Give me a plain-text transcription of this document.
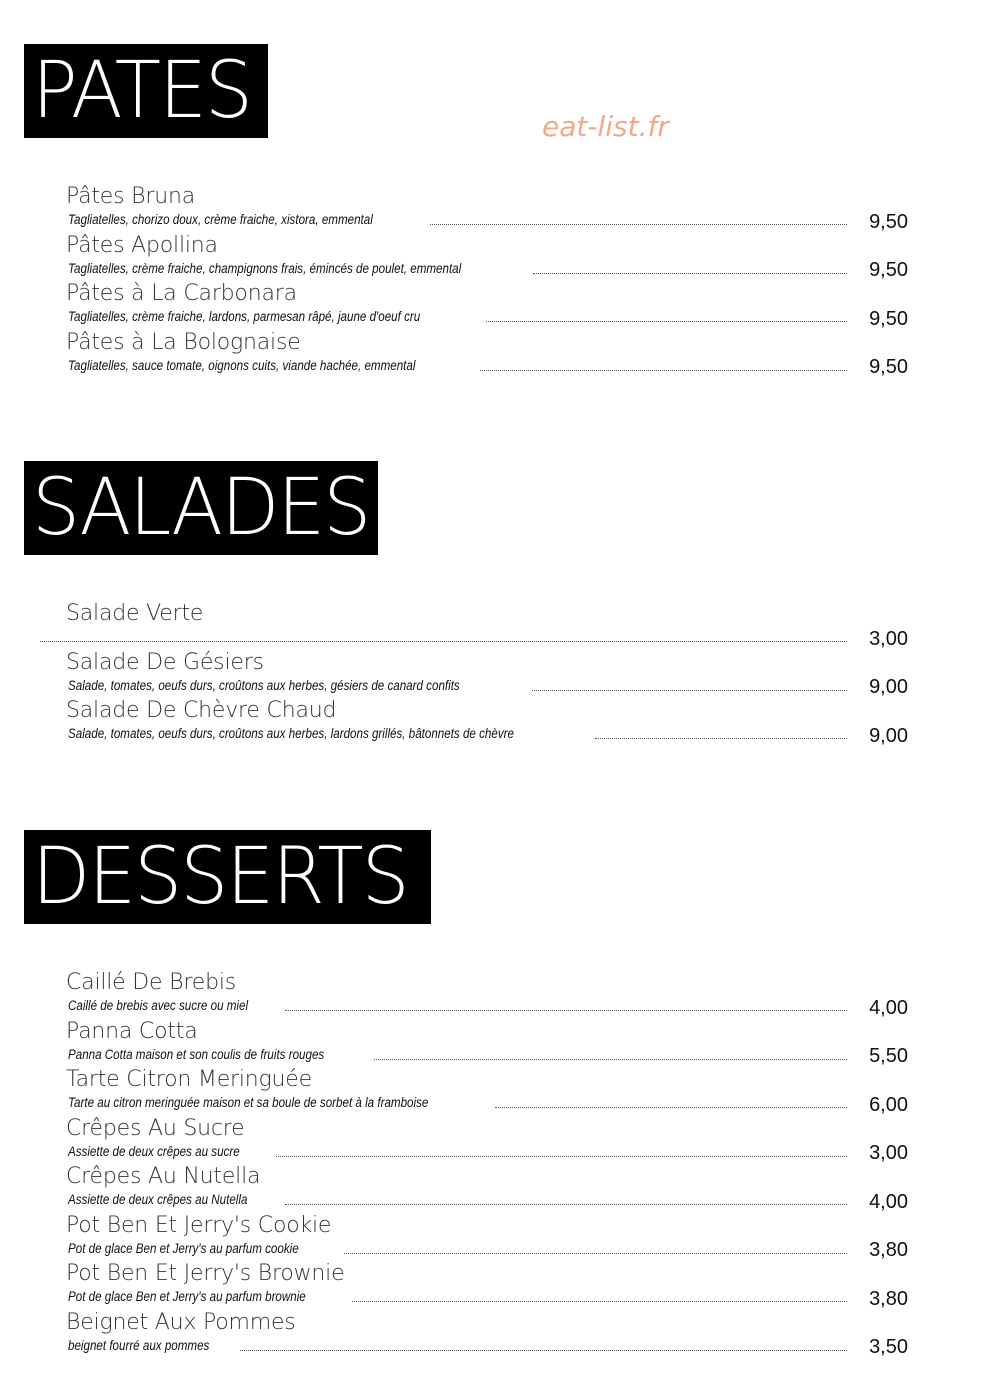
PATES	eat-list.fr
Pâtes Bruna
Tagliatelles, chorizo doux, crème fraiche, xistora, emmental	9,50
Pâtes Apollina
Tagliatelles, crème fraiche, champignons frais, émincés de poulet, emmental	9,50
Pâtes à La Carbonara
Tagliatelles, crème fraiche, lardons, parmesan râpé, jaune d'oeuf cru	9,50
Pâtes à La Bolognaise
Tagliatelles, sauce tomate, oignons cuits, viande hachée, emmental	9,50
SALADES
Salade Verte
3,00
Salade De Gésiers
Salade, tomates, oeufs durs, croûtons aux herbes, gésiers de canard confits	9,00
Salade De Chèvre Chaud
Salade, tomates, oeufs durs, croûtons aux herbes, lardons grillés, bâtonnets de chèvre	9,00
DESSERTS
Caillé De Brebis
Caillé de brebis avec sucre ou miel	4,00
Panna Cotta
Panna Cotta maison et son coulis de fruits rouges	5,50
Tarte Citron Meringuée
Tarte au citron meringuée maison et sa boule de sorbet à la framboise	6,00
Crêpes Au Sucre
Assiette de deux crêpes au sucre	3,00
Crêpes Au Nutella
Assiette de deux crêpes au Nutella	4,00
Pot Ben Et Jerry's Cookie
Pot de glace Ben et Jerry's au parfum cookie	3,80
Pot Ben Et Jerry's Brownie
Pot de glace Ben et Jerry's au parfum brownie	3,80
Beignet Aux Pommes
beignet fourré aux pommes	3,50
